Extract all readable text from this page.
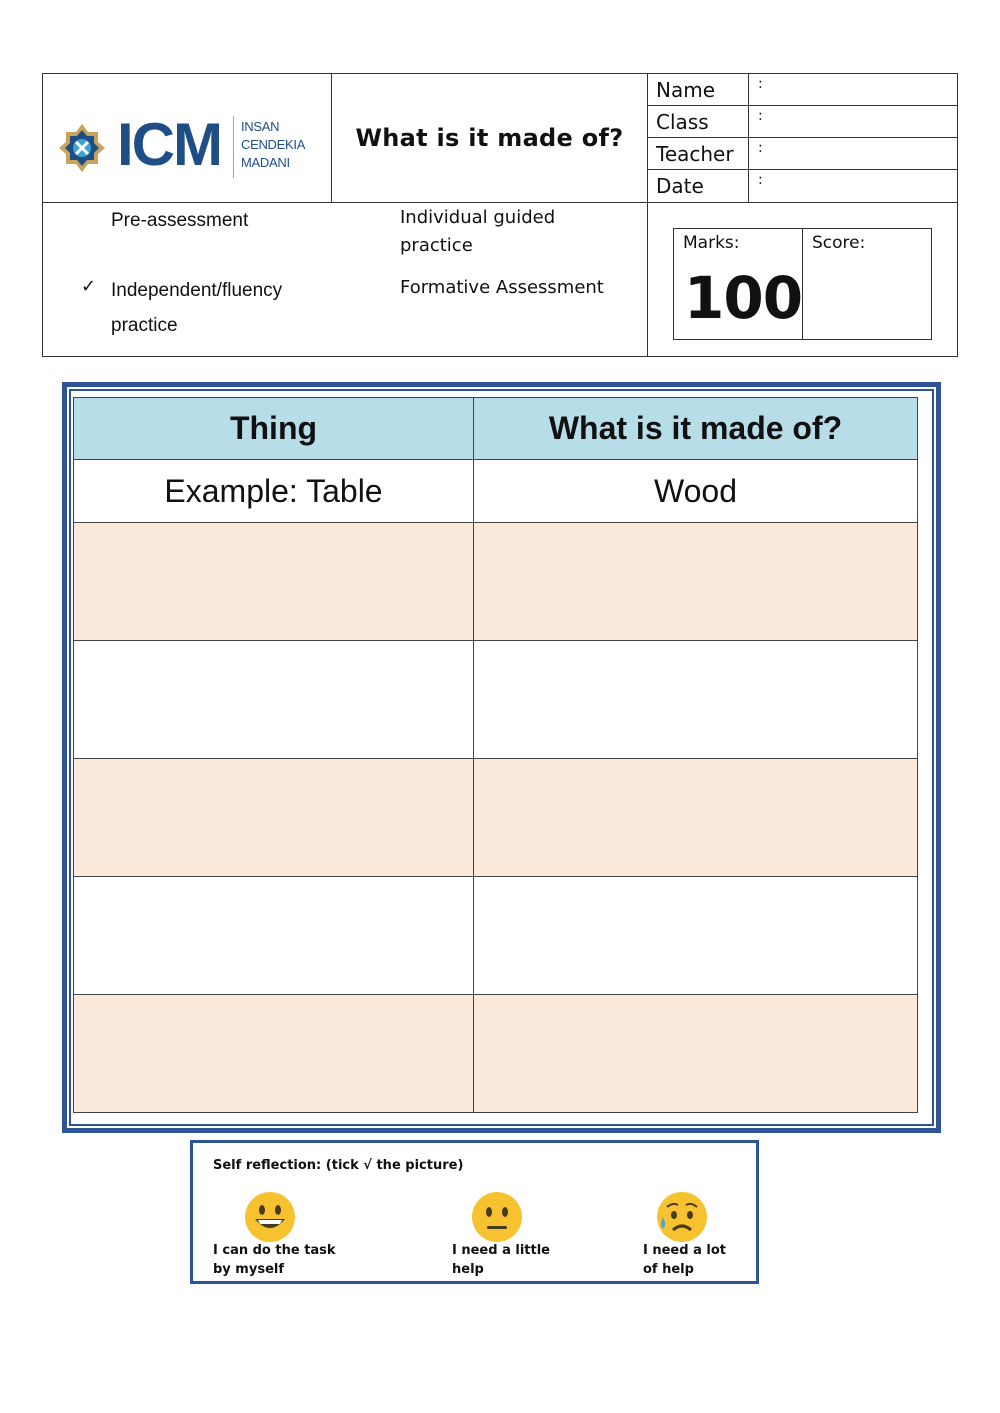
ICM INSAN
CENDEKIA
MADANI
What is it made of?
Name	:
Class	:
Teacher	:
Date	:
Pre-assessment
✓ Independent/fluency
practice
Individual guided
practice
Formative Assessment
Marks:
100
Score:
Thing	What is it made of?
Example: Table	Wood

Self reflection: (tick √ the picture)
I can do the task
by myself
I need a little
help
I need a lot
of help
